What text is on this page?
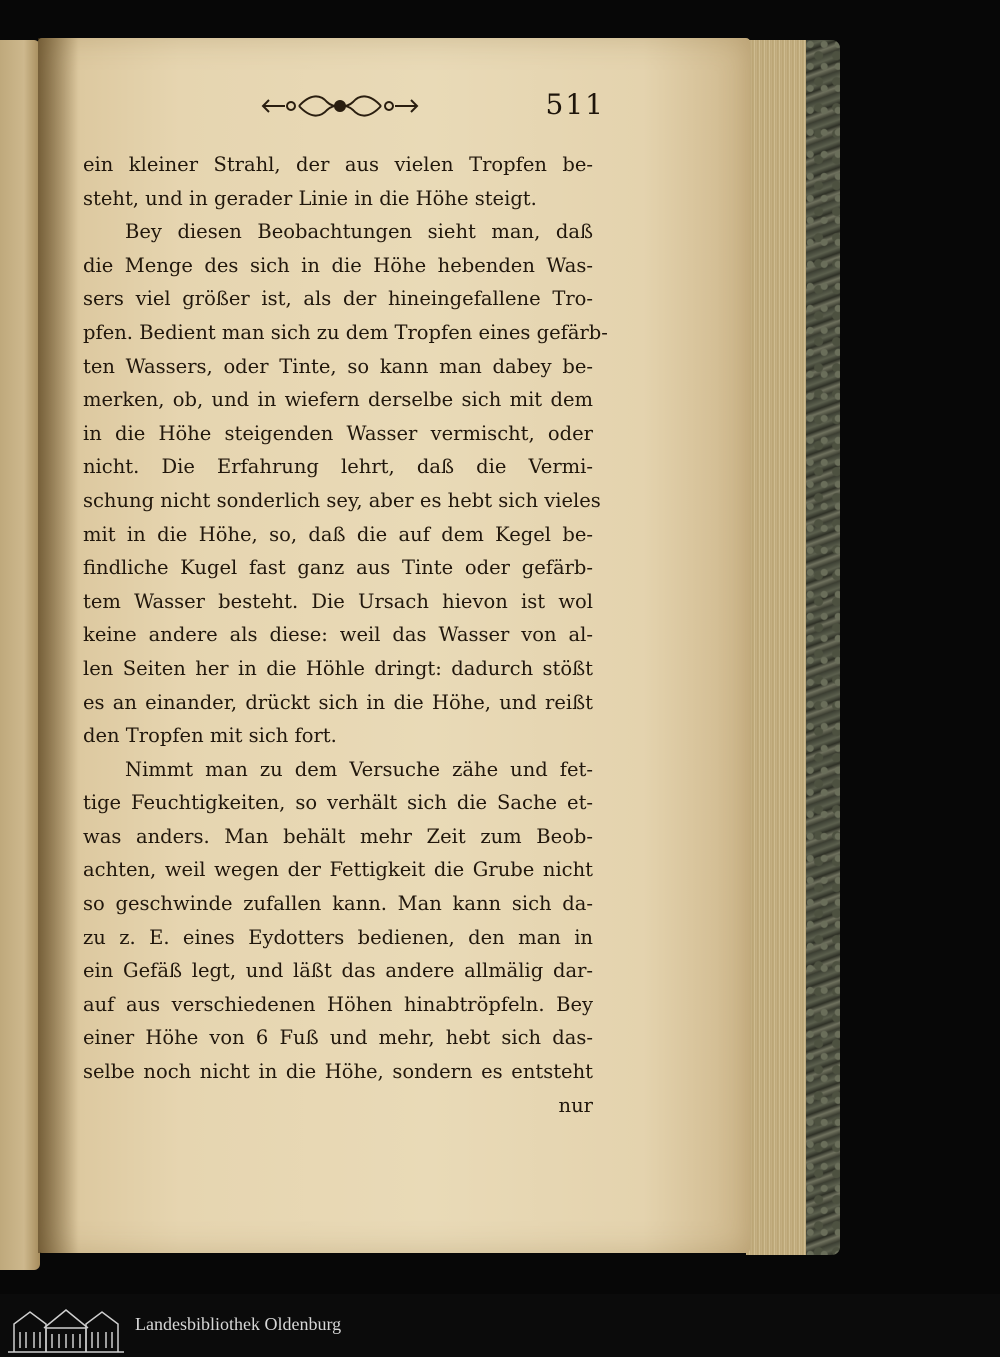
511
ein kleiner Strahl, der aus vielen Tropfen be-
steht, und in gerader Linie in die Höhe steigt.
Bey diesen Beobachtungen sieht man, daß
die Menge des sich in die Höhe hebenden Was-
sers viel größer ist, als der hineingefallene Tro-
pfen. Bedient man sich zu dem Tropfen eines gefärb-
ten Wassers, oder Tinte, so kann man dabey be-
merken, ob, und in wiefern derselbe sich mit dem
in die Höhe steigenden Wasser vermischt, oder
nicht. Die Erfahrung lehrt, daß die Vermi-
schung nicht sonderlich sey, aber es hebt sich vieles
mit in die Höhe, so, daß die auf dem Kegel be-
findliche Kugel fast ganz aus Tinte oder gefärb-
tem Wasser besteht. Die Ursach hievon ist wol
keine andere als diese: weil das Wasser von al-
len Seiten her in die Höhle dringt: dadurch stößt
es an einander, drückt sich in die Höhe, und reißt
den Tropfen mit sich fort.
Nimmt man zu dem Versuche zähe und fet-
tige Feuchtigkeiten, so verhält sich die Sache et-
was anders. Man behält mehr Zeit zum Beob-
achten, weil wegen der Fettigkeit die Grube nicht
so geschwinde zufallen kann. Man kann sich da-
zu z. E. eines Eydotters bedienen, den man in
ein Gefäß legt, und läßt das andere allmälig dar-
auf aus verschiedenen Höhen hinabtröpfeln. Bey
einer Höhe von 6 Fuß und mehr, hebt sich das-
selbe noch nicht in die Höhe, sondern es entsteht
nur
Landesbibliothek Oldenburg
